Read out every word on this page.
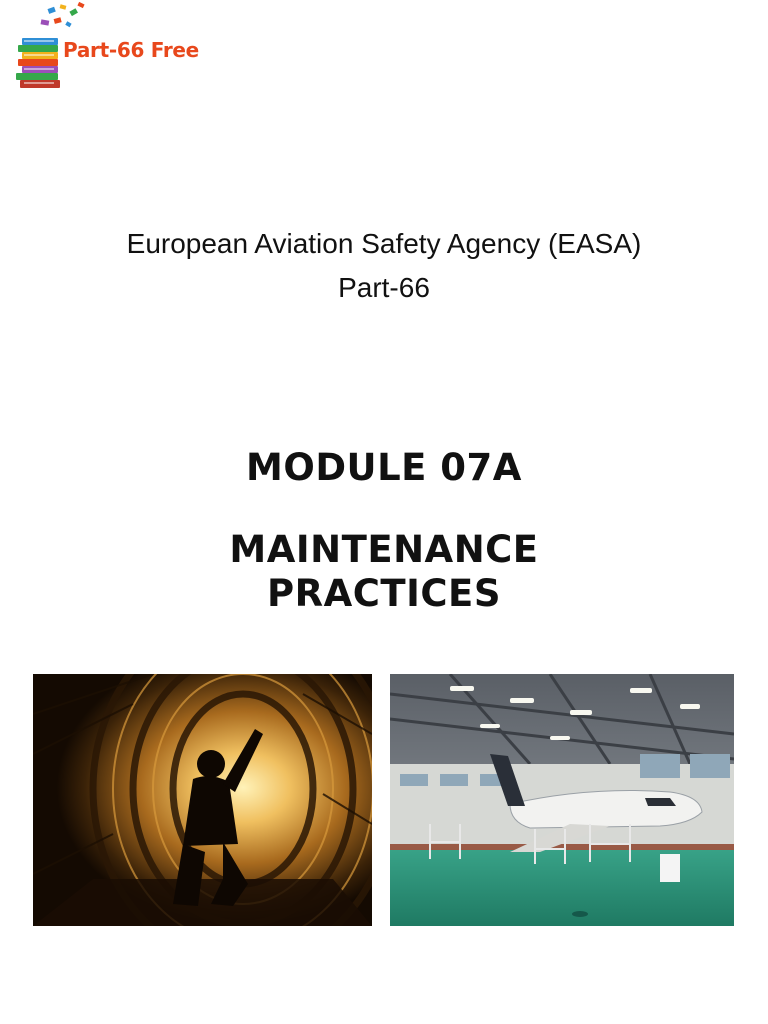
Part-66 Free
European Aviation Safety Agency (EASA)
Part-66
MODULE 07A
MAINTENANCE
PRACTICES
